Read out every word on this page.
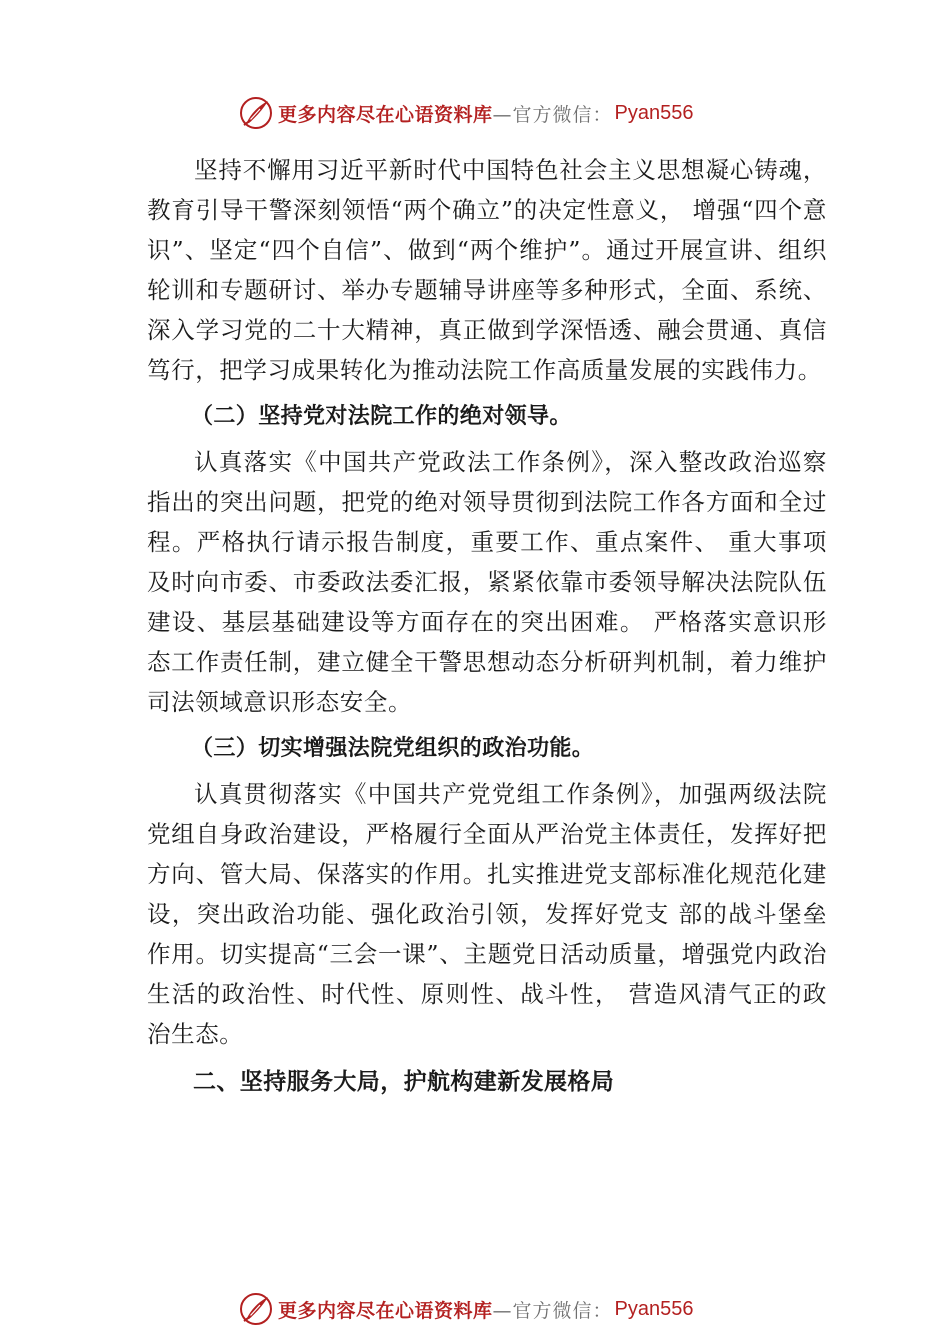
更多内容尽在心语资料库 —官方微信： Pyan556

坚持不懈用习近平新时代中国特色社会主义思想凝心铸魂，教育引导干警深刻领悟“两个确立”的决定性意义， 增强“四个意识”、坚定“四个自信”、做到“两个维护”。通过开展宣讲、组织轮训和专题研讨、举办专题辅导讲座等多种形式，全面、系统、深入学习党的二十大精神，真正做到学深悟透、融会贯通、真信笃行，把学习成果转化为推动法院工作高质量发展的实践伟力。

（二）坚持党对法院工作的绝对领导。

认真落实《中国共产党政法工作条例》，深入整改政治巡察指出的突出问题，把党的绝对领导贯彻到法院工作各方面和全过程。严格执行请示报告制度，重要工作、重点案件、 重大事项及时向市委、市委政法委汇报，紧紧依靠市委领导解决法院队伍建设、基层基础建设等方面存在的突出困难。 严格落实意识形态工作责任制，建立健全干警思想动态分析研判机制，着力维护司法领域意识形态安全。

（三）切实增强法院党组织的政治功能。

认真贯彻落实《中国共产党党组工作条例》，加强两级法院党组自身政治建设，严格履行全面从严治党主体责任，发挥好把方向、管大局、保落实的作用。扎实推进党支部标准化规范化建设，突出政治功能、强化政治引领，发挥好党支 部的战斗堡垒作用。切实提高“三会一课”、主题党日活动质量，增强党内政治生活的政治性、时代性、原则性、战斗性， 营造风清气正的政治生态。

二、坚持服务大局，护航构建新发展格局

更多内容尽在心语资料库 —官方微信： Pyan556
